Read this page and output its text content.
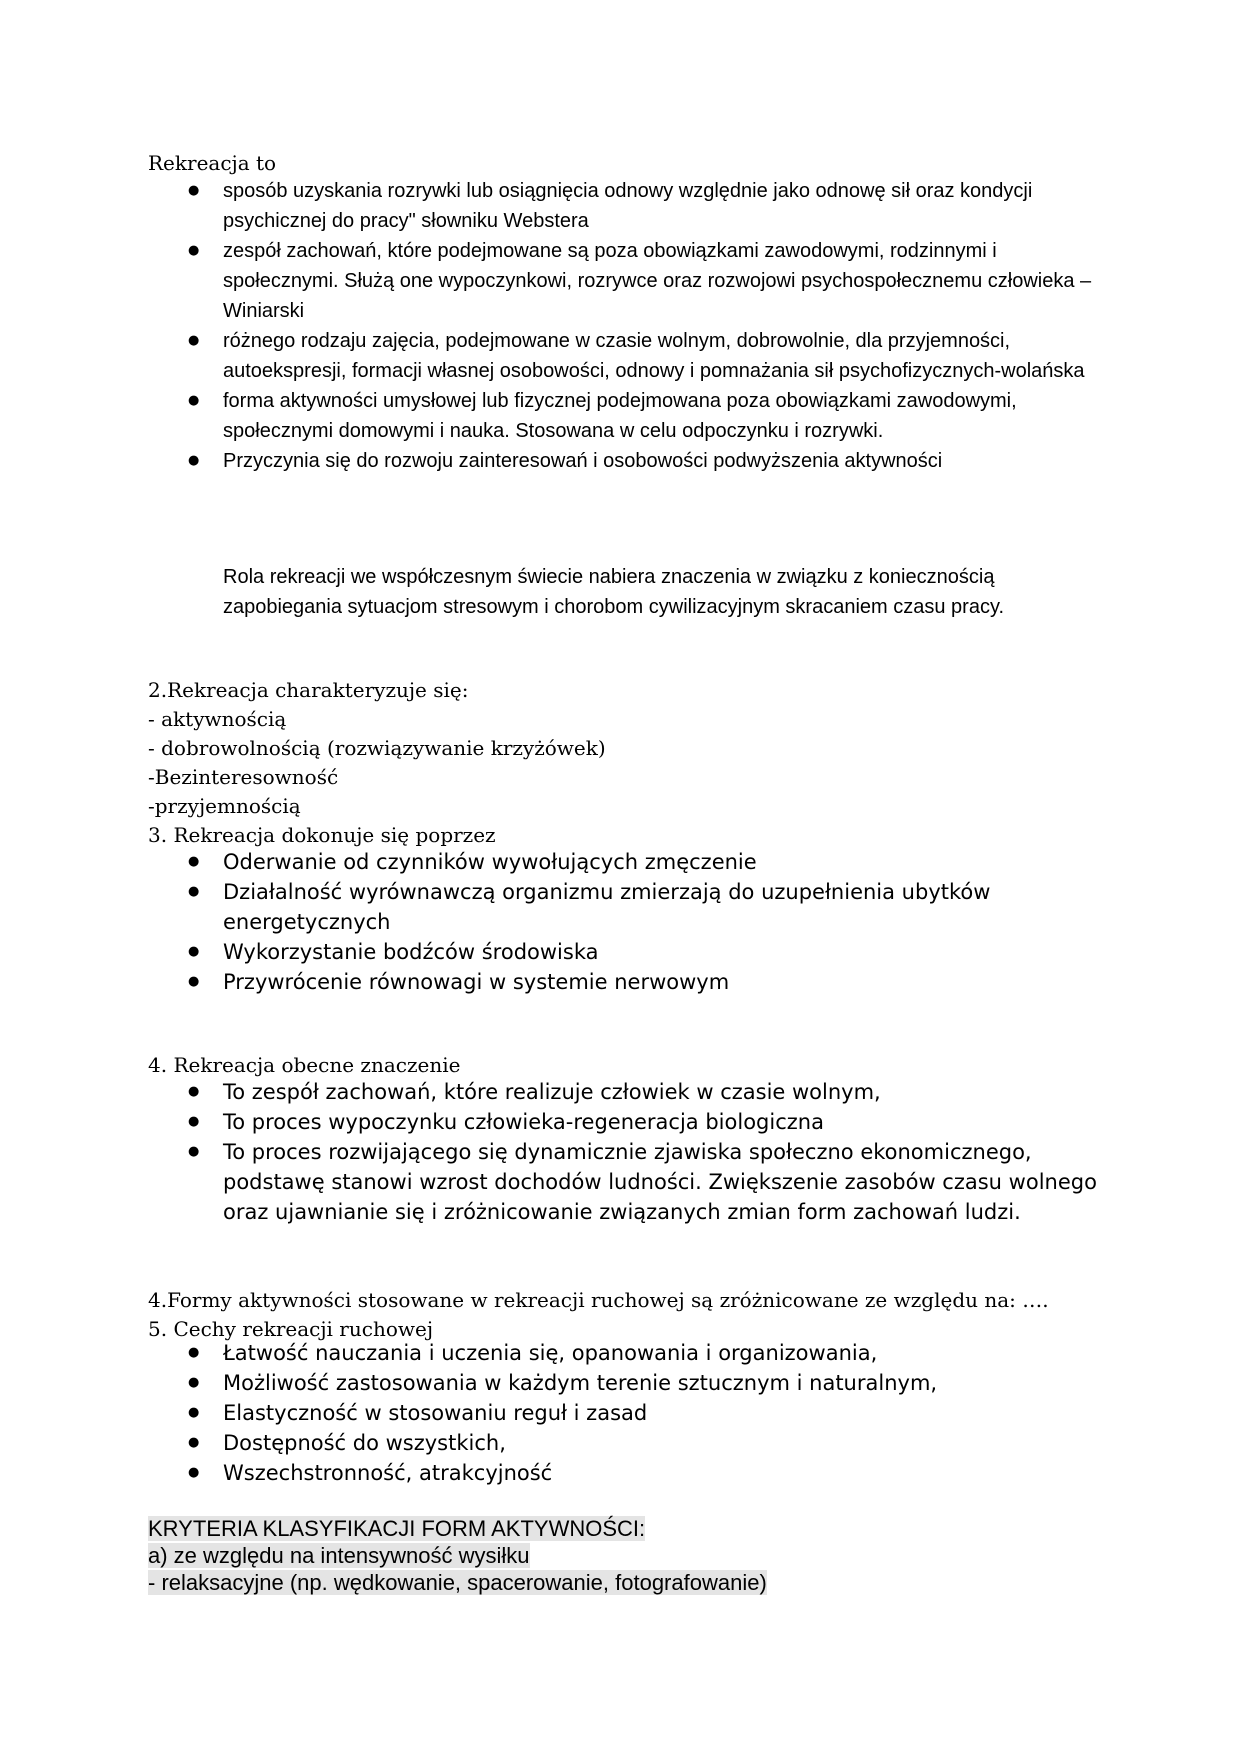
Rekreacja to
● sposób uzyskania rozrywki lub osiągnięcia odnowy względnie jako odnowę sił oraz kondycji psychicznej do pracy" słowniku Webstera
● zespół zachowań, które podejmowane są poza obowiązkami zawodowymi, rodzinnymi i społecznymi. Służą one wypoczynkowi, rozrywce oraz rozwojowi psychospołecznemu człowieka –Winiarski
● różnego rodzaju zajęcia, podejmowane w czasie wolnym, dobrowolnie, dla przyjemności, autoekspresji, formacji własnej osobowości, odnowy i pomnażania sił psychofizycznych-wolańska
● forma aktywności umysłowej lub fizycznej podejmowana poza obowiązkami zawodowymi, społecznymi domowymi i nauka. Stosowana w celu odpoczynku i rozrywki.
● Przyczynia się do rozwoju zainteresowań i osobowości podwyższenia aktywności
Rola rekreacji we współczesnym świecie nabiera znaczenia w związku z koniecznością zapobiegania sytuacjom stresowym i chorobom cywilizacyjnym skracaniem czasu pracy.
2.Rekreacja charakteryzuje się:
- aktywnością
- dobrowolnością (rozwiązywanie krzyżówek)
-Bezinteresowność
-przyjemnością
3. Rekreacja dokonuje się poprzez
● Oderwanie od czynników wywołujących zmęczenie
● Działalność wyrównawczą organizmu zmierzają do uzupełnienia ubytków energetycznych
● Wykorzystanie bodźców środowiska
● Przywrócenie równowagi w systemie nerwowym
4. Rekreacja obecne znaczenie
● To zespół zachowań, które realizuje człowiek w czasie wolnym,
● To proces wypoczynku człowieka-regeneracja biologiczna
● To proces rozwijającego się dynamicznie zjawiska społeczno ekonomicznego, podstawę stanowi wzrost dochodów ludności. Zwiększenie zasobów czasu wolnego oraz ujawnianie się i zróżnicowanie związanych zmian form zachowań ludzi.
4.Formy aktywności stosowane w rekreacji ruchowej są zróżnicowane ze względu na: ….
5. Cechy rekreacji ruchowej
● Łatwość nauczania i uczenia się, opanowania i organizowania,
● Możliwość zastosowania w każdym terenie sztucznym i naturalnym,
● Elastyczność w stosowaniu reguł i zasad
● Dostępność do wszystkich,
● Wszechstronność, atrakcyjność
KRYTERIA KLASYFIKACJI FORM AKTYWNOŚCI:
a) ze względu na intensywność wysiłku
- relaksacyjne (np. wędkowanie, spacerowanie, fotografowanie)
